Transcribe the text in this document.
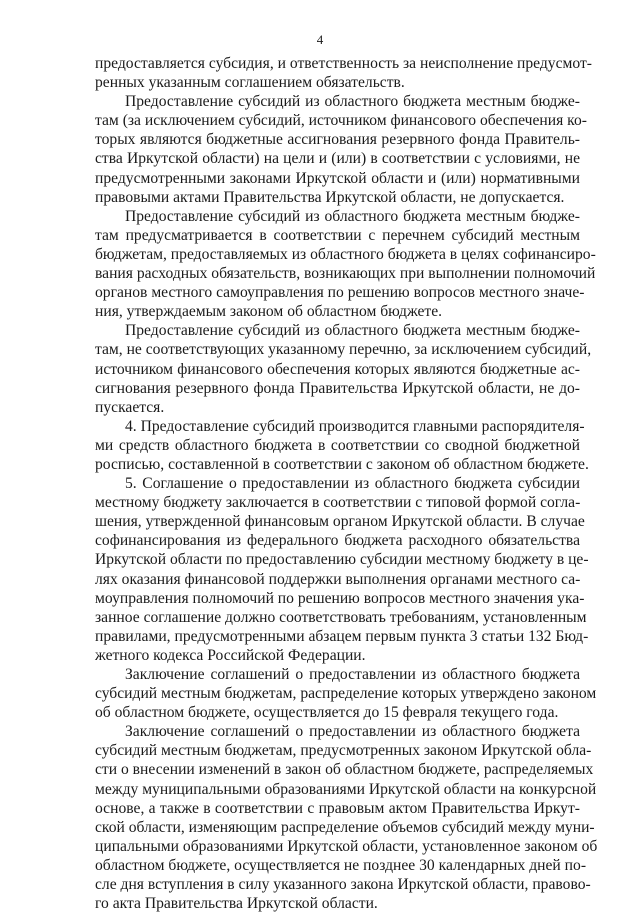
4
предоставляется субсидия, и ответственность за неисполнение предусмот-
ренных указанным соглашением обязательств.
Предоставление субсидий из областного бюджета местным бюдже-
там (за исключением субсидий, источником финансового обеспечения ко-
торых являются бюджетные ассигнования резервного фонда Правитель-
ства Иркутской области) на цели и (или) в соответствии с условиями, не
предусмотренными законами Иркутской области и (или) нормативными
правовыми актами Правительства Иркутской области, не допускается.
Предоставление субсидий из областного бюджета местным бюдже-
там предусматривается в соответствии с перечнем субсидий местным
бюджетам, предоставляемых из областного бюджета в целях софинансиро-
вания расходных обязательств, возникающих при выполнении полномочий
органов местного самоуправления по решению вопросов местного значе-
ния, утверждаемым законом об областном бюджете.
Предоставление субсидий из областного бюджета местным бюдже-
там, не соответствующих указанному перечню, за исключением субсидий,
источником финансового обеспечения которых являются бюджетные ас-
сигнования резервного фонда Правительства Иркутской области, не до-
пускается.
4. Предоставление субсидий производится главными распорядителя-
ми средств областного бюджета в соответствии со сводной бюджетной
росписью, составленной в соответствии с законом об областном бюджете.
5. Соглашение о предоставлении из областного бюджета субсидии
местному бюджету заключается в соответствии с типовой формой согла-
шения, утвержденной финансовым органом Иркутской области. В случае
софинансирования из федерального бюджета расходного обязательства
Иркутской области по предоставлению субсидии местному бюджету в це-
лях оказания финансовой поддержки выполнения органами местного са-
моуправления полномочий по решению вопросов местного значения ука-
занное соглашение должно соответствовать требованиям, установленным
правилами, предусмотренными абзацем первым пункта 3 статьи 132 Бюд-
жетного кодекса Российской Федерации.
Заключение соглашений о предоставлении из областного бюджета
субсидий местным бюджетам, распределение которых утверждено законом
об областном бюджете, осуществляется до 15 февраля текущего года.
Заключение соглашений о предоставлении из областного бюджета
субсидий местным бюджетам, предусмотренных законом Иркутской обла-
сти о внесении изменений в закон об областном бюджете, распределяемых
между муниципальными образованиями Иркутской области на конкурсной
основе, а также в соответствии с правовым актом Правительства Иркут-
ской области, изменяющим распределение объемов субсидий между муни-
ципальными образованиями Иркутской области, установленное законом об
областном бюджете, осуществляется не позднее 30 календарных дней по-
сле дня вступления в силу указанного закона Иркутской области, правово-
го акта Правительства Иркутской области.
